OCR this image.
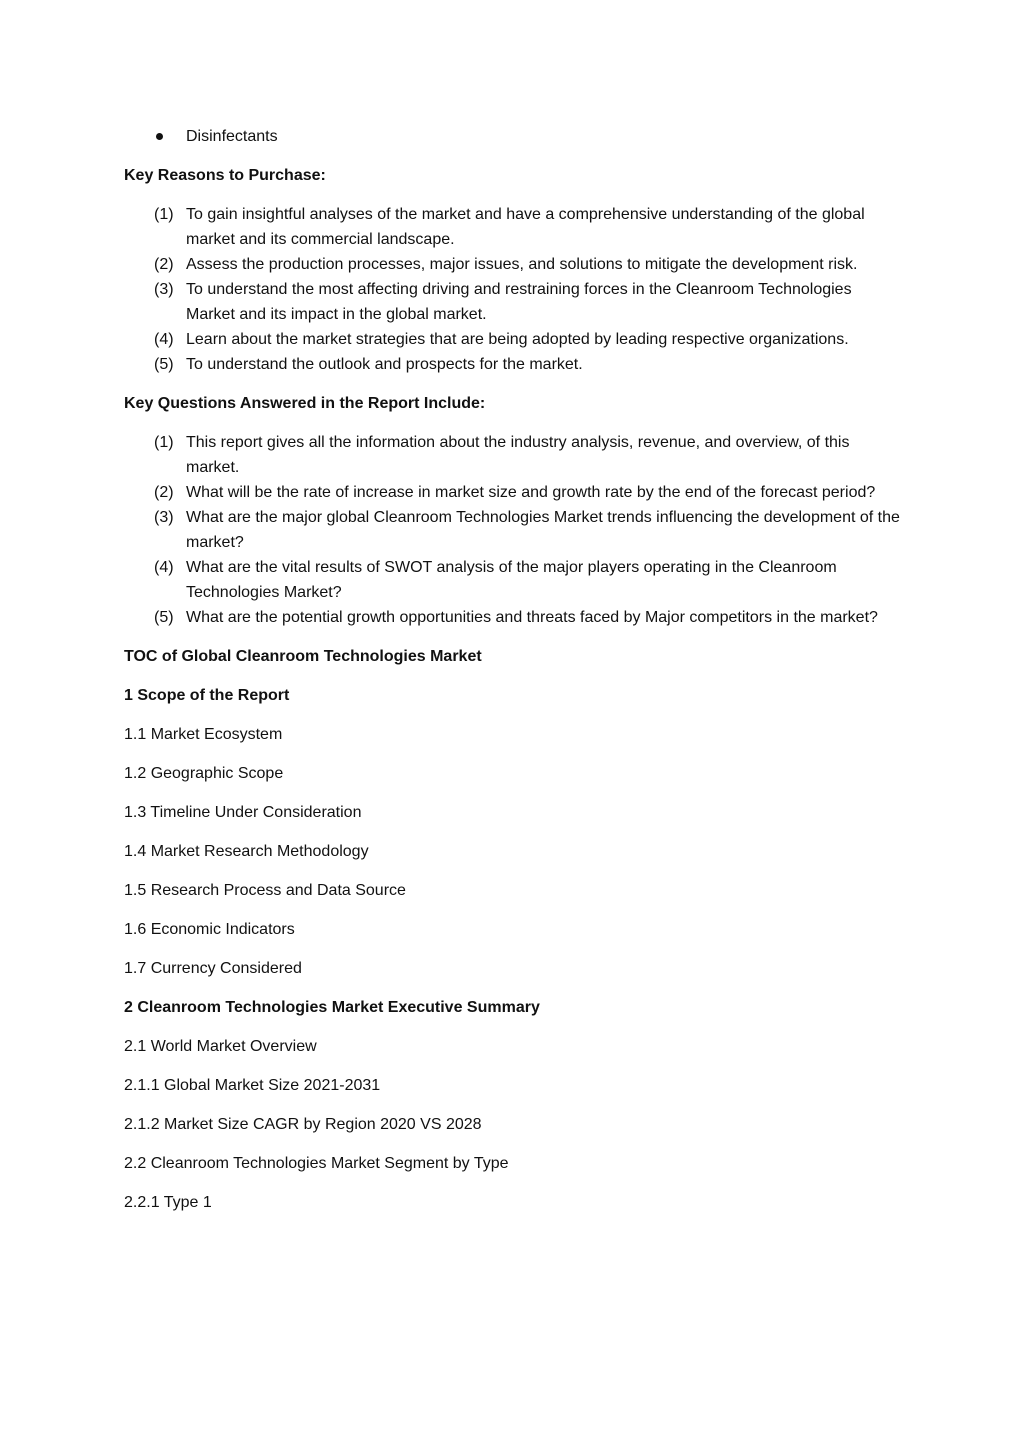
Disinfectants
Key Reasons to Purchase:
(1) To gain insightful analyses of the market and have a comprehensive understanding of the global market and its commercial landscape.
(2) Assess the production processes, major issues, and solutions to mitigate the development risk.
(3) To understand the most affecting driving and restraining forces in the Cleanroom Technologies Market and its impact in the global market.
(4) Learn about the market strategies that are being adopted by leading respective organizations.
(5) To understand the outlook and prospects for the market.
Key Questions Answered in the Report Include:
(1) This report gives all the information about the industry analysis, revenue, and overview, of this market.
(2) What will be the rate of increase in market size and growth rate by the end of the forecast period?
(3) What are the major global Cleanroom Technologies Market trends influencing the development of the market?
(4) What are the vital results of SWOT analysis of the major players operating in the Cleanroom Technologies Market?
(5) What are the potential growth opportunities and threats faced by Major competitors in the market?
TOC of Global Cleanroom Technologies Market
1 Scope of the Report
1.1 Market Ecosystem
1.2 Geographic Scope
1.3 Timeline Under Consideration
1.4 Market Research Methodology
1.5 Research Process and Data Source
1.6 Economic Indicators
1.7 Currency Considered
2 Cleanroom Technologies Market Executive Summary
2.1 World Market Overview
2.1.1 Global Market Size 2021-2031
2.1.2 Market Size CAGR by Region 2020 VS 2028
2.2 Cleanroom Technologies Market Segment by Type
2.2.1 Type 1
